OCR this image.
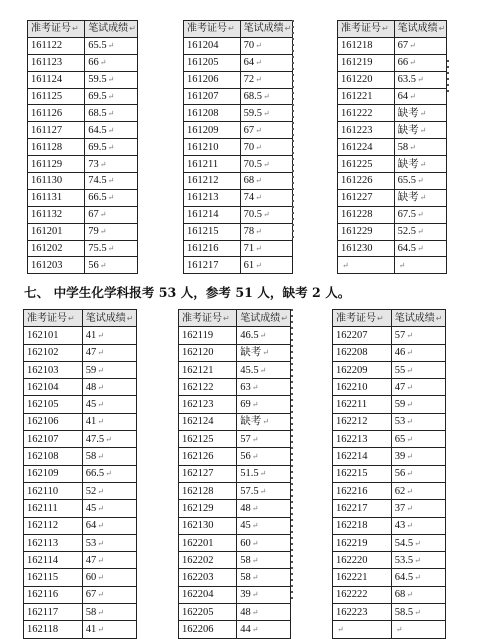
准考证号↵	笔试成绩↵
161122	65.5↵
161123	66↵
161124	59.5↵
161125	69.5↵
161126	68.5↵
161127	64.5↵
161128	69.5↵
161129	73↵
161130	74.5↵
161131	66.5↵
161132	67↵
161201	79↵
161202	75.5↵
161203	56↵
准考证号↵	笔试成绩↵
161204	70↵
161205	64↵
161206	72↵
161207	68.5↵
161208	59.5↵
161209	67↵
161210	70↵
161211	70.5↵
161212	68↵
161213	74↵
161214	70.5↵
161215	78↵
161216	71↵
161217	61↵
准考证号↵	笔试成绩↵
161218	67↵
161219	66↵
161220	63.5↵
161221	64↵
161222	缺考↵
161223	缺考↵
161224	58↵
161225	缺考↵
161226	65.5↵
161227	缺考↵
161228	67.5↵
161229	52.5↵
161230	64.5↵
↵	↵
七、 中学生化学科报考 53 人，参考 51 人，缺考 2 人。
准考证号↵	笔试成绩↵
162101	41↵
162102	47↵
162103	59↵
162104	48↵
162105	45↵
162106	41↵
162107	47.5↵
162108	58↵
162109	66.5↵
162110	52↵
162111	45↵
162112	64↵
162113	53↵
162114	47↵
162115	60↵
162116	67↵
162117	58↵
162118	41↵
准考证号↵	笔试成绩↵
162119	46.5↵
162120	缺考↵
162121	45.5↵
162122	63↵
162123	69↵
162124	缺考↵
162125	57↵
162126	56↵
162127	51.5↵
162128	57.5↵
162129	48↵
162130	45↵
162201	60↵
162202	58↵
162203	58↵
162204	39↵
162205	48↵
162206	44↵
准考证号↵	笔试成绩↵
162207	57↵
162208	46↵
162209	55↵
162210	47↵
162211	59↵
162212	53↵
162213	65↵
162214	39↵
162215	56↵
162216	62↵
162217	37↵
162218	43↵
162219	54.5↵
162220	53.5↵
162221	64.5↵
162222	68↵
162223	58.5↵
↵	↵
